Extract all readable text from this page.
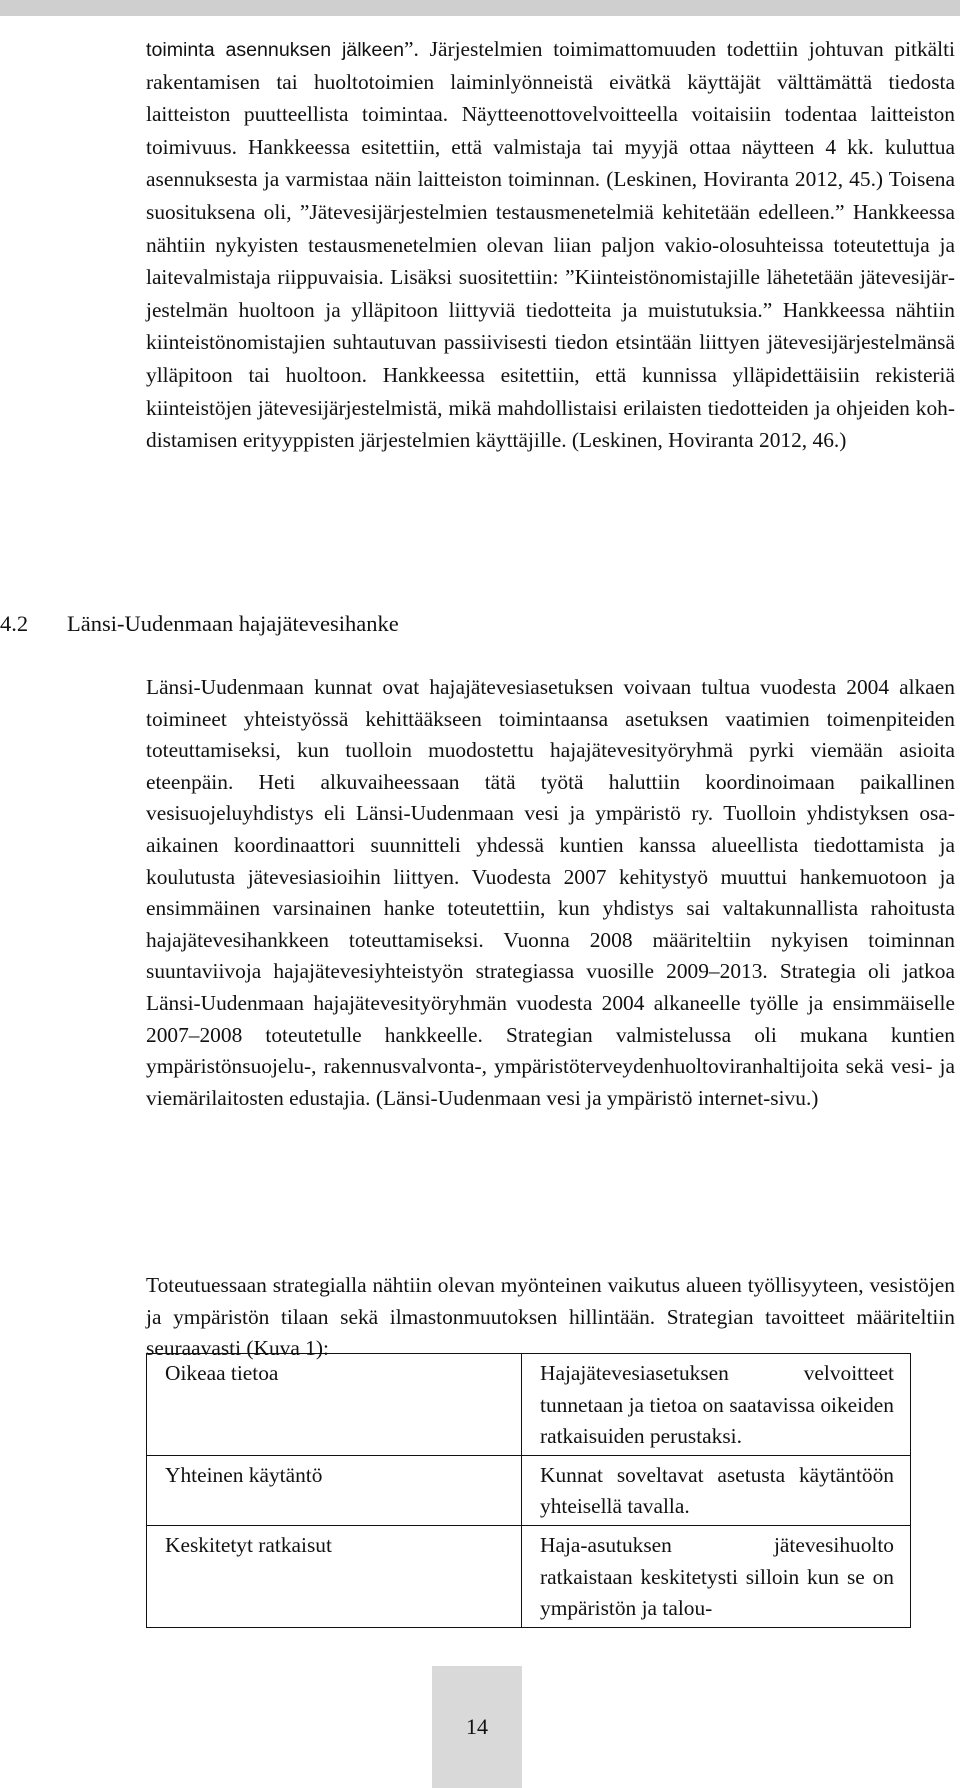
toiminta asennuksen jälkeen”. Järjestelmien toimimattomuuden todettiin johtuvan pitkälti rakentamisen tai huoltotoimien laiminlyönneistä eivätkä käyttäjät välttämättä tiedosta laitteiston puutteellista toimintaa. Näytteenottovelvoitteella voitaisiin todentaa laitteiston toimivuus. Hankkeessa esitettiin, että valmistaja tai myyjä ottaa näytteen 4 kk. kuluttua asennuksesta ja varmistaa näin laitteiston toiminnan. (Leskinen, Hoviranta 2012, 45.) Toisena suosituksena oli, ”Jätevesijärjestelmien testausmenetelmiä kehitetään edelleen.” Hankkeessa nähtiin nykyisten testausmenetelmien olevan liian paljon vakio-olosuhteissa toteutettuja ja laitevalmistaja riippuvaisia. Lisäksi suositettiin: ”Kiinteistönomistajille lähetetään jätevesijärjestelmän huoltoon ja ylläpitoon liittyviä tiedotteita ja muistutuksia.” Hankkeessa nähtiin kiinteistönomistajien suhtautuvan passiivisesti tiedon etsintään liittyen jätevesijärjestelmänsä ylläpitoon tai huoltoon. Hankkeessa esitettiin, että kunnissa ylläpidettäisiin rekisteriä kiinteistöjen jätevesijärjestelmistä, mikä mahdollistaisi erilaisten tiedotteiden ja ohjeiden kohdistamisen erityyppisten järjestelmien käyttäjille. (Leskinen, Hoviranta 2012, 46.)

4.2 Länsi-Uudenmaan hajajätevesihanke

Länsi-Uudenmaan kunnat ovat hajajätevesiasetuksen voivaan tultua vuodesta 2004 alkaen toimineet yhteistyössä kehittääkseen toimintaansa asetuksen vaatimien toimenpiteiden toteuttamiseksi, kun tuolloin muodostettu hajajätevesityöryhmä pyrki viemään asioita eteenpäin. Heti alkuvaiheessaan tätä työtä haluttiin koordinoimaan paikallinen vesisuojeluyhdistys eli Länsi-Uudenmaan vesi ja ympäristö ry. Tuolloin yhdistyksen osa-aikainen koordinaattori suunnitteli yhdessä kuntien kanssa alueellista tiedottamista ja koulutusta jätevesiasioihin liittyen. Vuodesta 2007 kehitystyö muuttui hankemuotoon ja ensimmäinen varsinainen hanke toteutettiin, kun yhdistys sai valtakunnallista rahoitusta hajajätevesihankkeen toteuttamiseksi. Vuonna 2008 määriteltiin nykyisen toiminnan suuntaviivoja hajajätevesiyhteistyön strategiassa vuosille 2009–2013. Strategia oli jatkoa Länsi-Uudenmaan hajajätevesityöryhmän vuodesta 2004 alkaneelle työlle ja ensimmäiselle 2007–2008 toteutetulle hankkeelle. Strategian valmistelussa oli mukana kuntien ympäristönsuojelu-, rakennusvalvonta-, ympäristöterveydenhuoltoviranhaltijoita sekä vesi- ja viemärilaitosten edustajia. (Länsi-Uudenmaan vesi ja ympäristö internet-sivu.)

Toteutuessaan strategialla nähtiin olevan myönteinen vaikutus alueen työllisyyteen, vesistöjen ja ympäristön tilaan sekä ilmastonmuutoksen hillintään. Strategian tavoitteet määriteltiin seuraavasti (Kuva 1):

Oikeaa tietoa	Hajajätevesiasetuksen velvoitteet tunnetaan ja tietoa on saatavissa oikeiden ratkaisuiden perustaksi.
Yhteinen käytäntö	Kunnat soveltavat asetusta käytäntöön yhteisellä tavalla.
Keskitetyt ratkaisut	Haja-asutuksen jätevesihuolto ratkaistaan keskitetysti silloin kun se on ympäristön ja talou-
14
